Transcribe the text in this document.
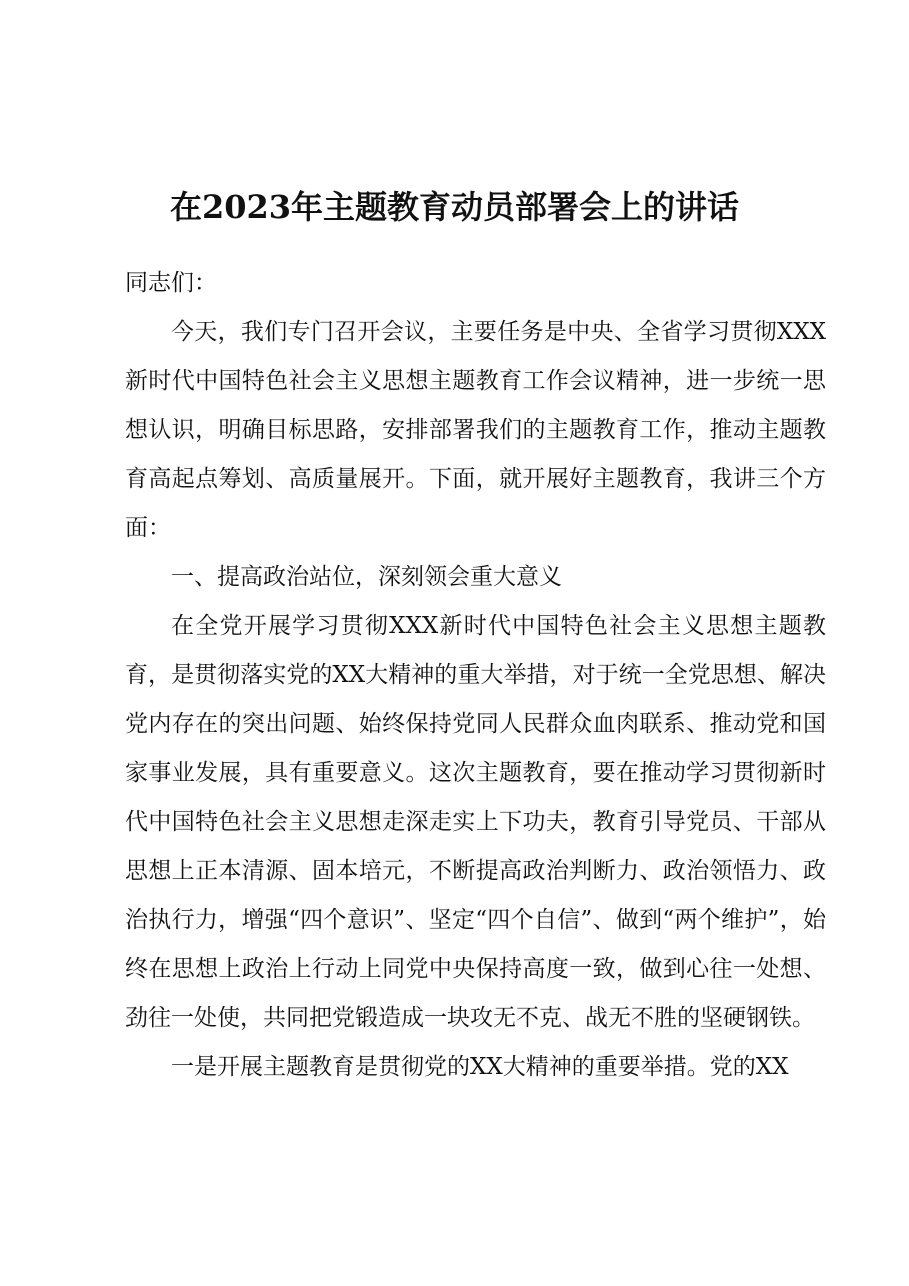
在2023年主题教育动员部署会上的讲话

同志们：

今天，我们专门召开会议，主要任务是中央、全省学习贯彻XXX新时代中国特色社会主义思想主题教育工作会议精神，进一步统一思想认识，明确目标思路，安排部署我们的主题教育工作，推动主题教育高起点筹划、高质量展开。下面，就开展好主题教育，我讲三个方面：

一、提高政治站位，深刻领会重大意义

在全党开展学习贯彻XXX新时代中国特色社会主义思想主题教育，是贯彻落实党的XX大精神的重大举措，对于统一全党思想、解决党内存在的突出问题、始终保持党同人民群众血肉联系、推动党和国家事业发展，具有重要意义。这次主题教育，要在推动学习贯彻新时代中国特色社会主义思想走深走实上下功夫，教育引导党员、干部从思想上正本清源、固本培元，不断提高政治判断力、政治领悟力、政治执行力，增强“四个意识”、坚定“四个自信”、做到“两个维护”，始终在思想上政治上行动上同党中央保持高度一致，做到心往一处想、劲往一处使，共同把党锻造成一块攻无不克、战无不胜的坚硬钢铁。

一是开展主题教育是贯彻党的XX大精神的重要举措。党的XX
